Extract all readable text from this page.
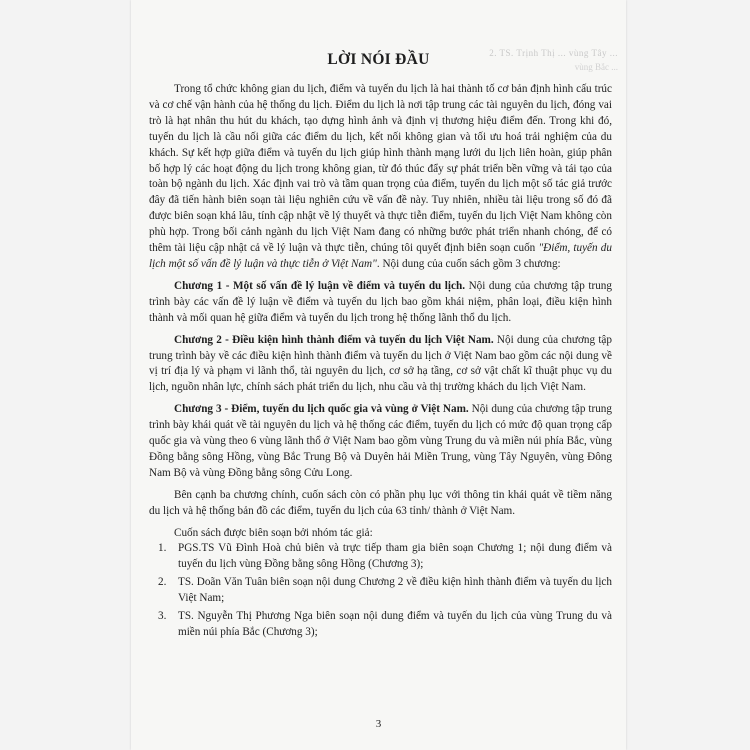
2. TS. Trịnh Thị ... vùng Tây ...
vùng Bắc ...
LỜI NÓI ĐẦU

Trong tổ chức không gian du lịch, điểm và tuyến du lịch là hai thành tố cơ bản định hình cấu trúc và cơ chế vận hành của hệ thống du lịch. Điểm du lịch là nơi tập trung các tài nguyên du lịch, đóng vai trò là hạt nhân thu hút du khách, tạo dựng hình ảnh và định vị thương hiệu điểm đến. Trong khi đó, tuyến du lịch là cầu nối giữa các điểm du lịch, kết nối không gian và tối ưu hoá trải nghiệm của du khách. Sự kết hợp giữa điểm và tuyến du lịch giúp hình thành mạng lưới du lịch liên hoàn, giúp phân bố hợp lý các hoạt động du lịch trong không gian, từ đó thúc đẩy sự phát triển bền vững và tái tạo của toàn bộ ngành du lịch. Xác định vai trò và tầm quan trọng của điểm, tuyến du lịch một số tác giả trước đây đã tiến hành biên soạn tài liệu nghiên cứu về vấn đề này. Tuy nhiên, nhiều tài liệu trong số đó đã được biên soạn khá lâu, tính cập nhật về lý thuyết và thực tiễn điểm, tuyến du lịch Việt Nam không còn phù hợp. Trong bối cảnh ngành du lịch Việt Nam đang có những bước phát triển nhanh chóng, để có thêm tài liệu cập nhật cả về lý luận và thực tiễn, chúng tôi quyết định biên soạn cuốn "Điểm, tuyến du lịch một số vấn đề lý luận và thực tiễn ở Việt Nam". Nội dung của cuốn sách gồm 3 chương:

Chương 1 - Một số vấn đề lý luận về điểm và tuyến du lịch. Nội dung của chương tập trung trình bày các vấn đề lý luận về điểm và tuyến du lịch bao gồm khái niệm, phân loại, điều kiện hình thành và mối quan hệ giữa điểm và tuyến du lịch trong hệ thống lãnh thổ du lịch.

Chương 2 - Điều kiện hình thành điểm và tuyến du lịch Việt Nam. Nội dung của chương tập trung trình bày về các điều kiện hình thành điểm và tuyến du lịch ở Việt Nam bao gồm các nội dung về vị trí địa lý và phạm vi lãnh thổ, tài nguyên du lịch, cơ sở hạ tầng, cơ sở vật chất kĩ thuật phục vụ du lịch, nguồn nhân lực, chính sách phát triển du lịch, nhu cầu và thị trường khách du lịch Việt Nam.

Chương 3 - Điểm, tuyến du lịch quốc gia và vùng ở Việt Nam. Nội dung của chương tập trung trình bày khái quát về tài nguyên du lịch và hệ thống các điểm, tuyến du lịch có mức độ quan trọng cấp quốc gia và vùng theo 6 vùng lãnh thổ ở Việt Nam bao gồm vùng Trung du và miền núi phía Bắc, vùng Đồng bằng sông Hồng, vùng Bắc Trung Bộ và Duyên hải Miền Trung, vùng Tây Nguyên, vùng Đông Nam Bộ và vùng Đồng bằng sông Cửu Long.

Bên cạnh ba chương chính, cuốn sách còn có phần phụ lục với thông tin khái quát về tiềm năng du lịch và hệ thống bản đồ các điểm, tuyến du lịch của 63 tỉnh/ thành ở Việt Nam.

Cuốn sách được biên soạn bởi nhóm tác giả:

1. PGS.TS Vũ Đình Hoà chủ biên và trực tiếp tham gia biên soạn Chương 1; nội dung điểm và tuyến du lịch vùng Đồng bằng sông Hồng (Chương 3);
2. TS. Doãn Văn Tuân biên soạn nội dung Chương 2 về điều kiện hình thành điểm và tuyến du lịch Việt Nam;
3. TS. Nguyễn Thị Phương Nga biên soạn nội dung điểm và tuyến du lịch của vùng Trung du và miền núi phía Bắc (Chương 3);
3
